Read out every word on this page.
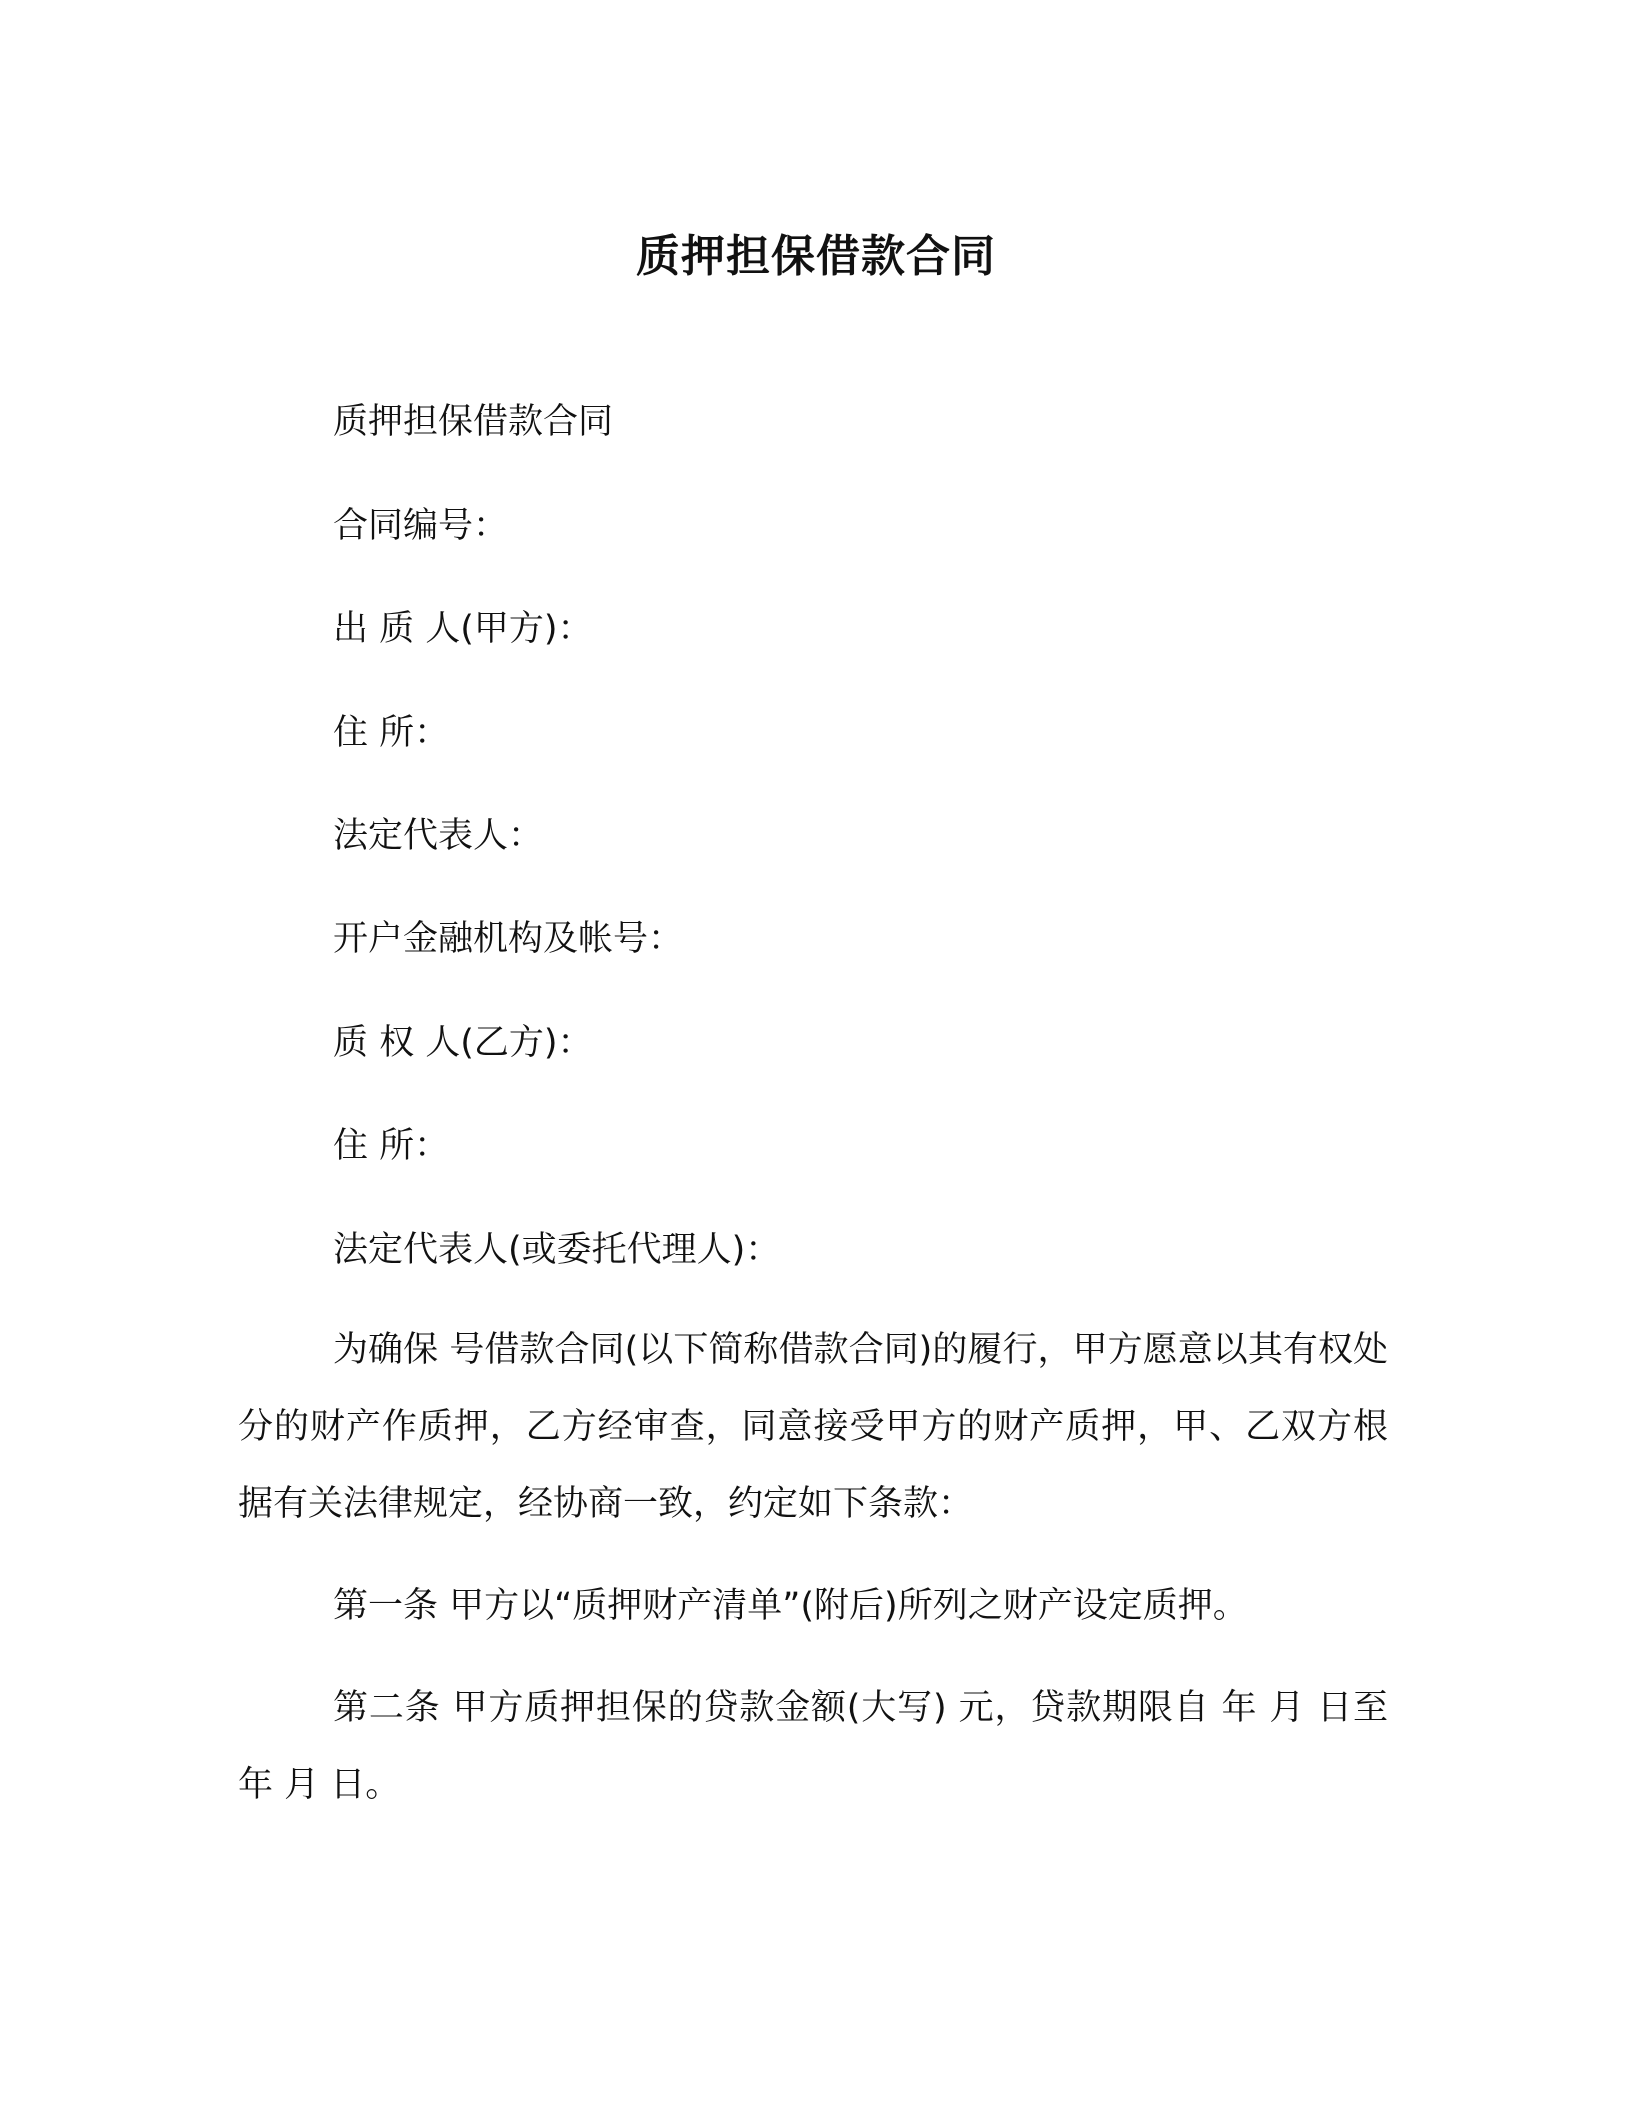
质押担保借款合同

质押担保借款合同

合同编号：

出 质 人(甲方)：

住 所：

法定代表人：

开户金融机构及帐号：

质 权 人(乙方)：

住 所：

法定代表人(或委托代理人)：

为确保 号借款合同(以下简称借款合同)的履行，甲方愿意以其有权处分的财产作质押，乙方经审查，同意接受甲方的财产质押，甲、乙双方根据有关法律规定，经协商一致，约定如下条款：

第一条 甲方以“质押财产清单”(附后)所列之财产设定质押。

第二条 甲方质押担保的贷款金额(大写) 元，贷款期限自 年 月 日至 年 月 日。
